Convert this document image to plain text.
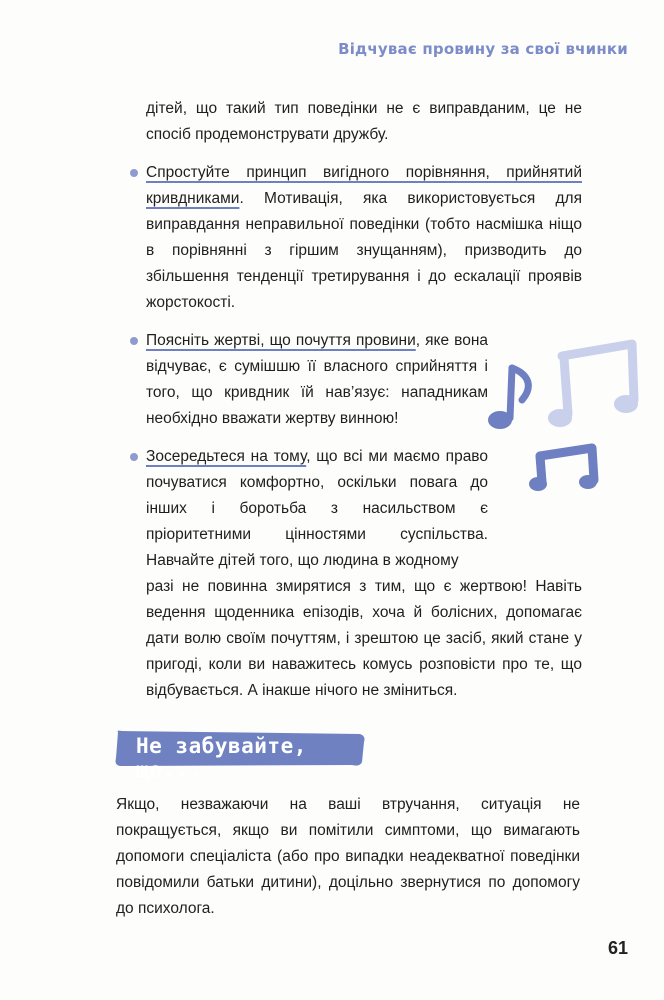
Відчуває провину за свої вчинки

дітей, що такий тип поведінки не є виправданим, це не спосіб продемонструвати дружбу.

Спростуйте принцип вигідного порівняння, прийнятий кривдниками. Мотивація, яка використовується для виправдання неправильної поведінки (тобто насмішка ніщо в порівнянні з гіршим знущанням), призводить до збільшення тенденції третирування і до ескалації проявів жорстокості.
Поясніть жертві, що почуття провини, яке вона відчуває, є сумішшю її власного сприйняття і того, що кривдник їй нав’язує: нападникам необхідно вважати жертву винною!
Зосередьтеся на тому, що всі ми маємо право почуватися комфортно, оскільки повага до інших і боротьба з насильством є пріоритетними цінностями суспільства. Навчайте дітей того, що людина в жодному
разі не повинна змирятися з тим, що є жертвою! Навіть ведення щоденника епізодів, хоча й болісних, допомагає дати волю своїм почуттям, і зрештою це засіб, який стане у пригоді, коли ви наважитесь комусь розповісти про те, що відбувається. А інакше нічого не зміниться.
Не забувайте, що...

Якщо, незважаючи на ваші втручання, ситуація не покращується, якщо ви помітили симптоми, що вимагають допомоги спеціаліста (або про випадки неадекватної поведінки повідомили батьки дитини), доцільно звернутися по допомогу до психолога.

61
